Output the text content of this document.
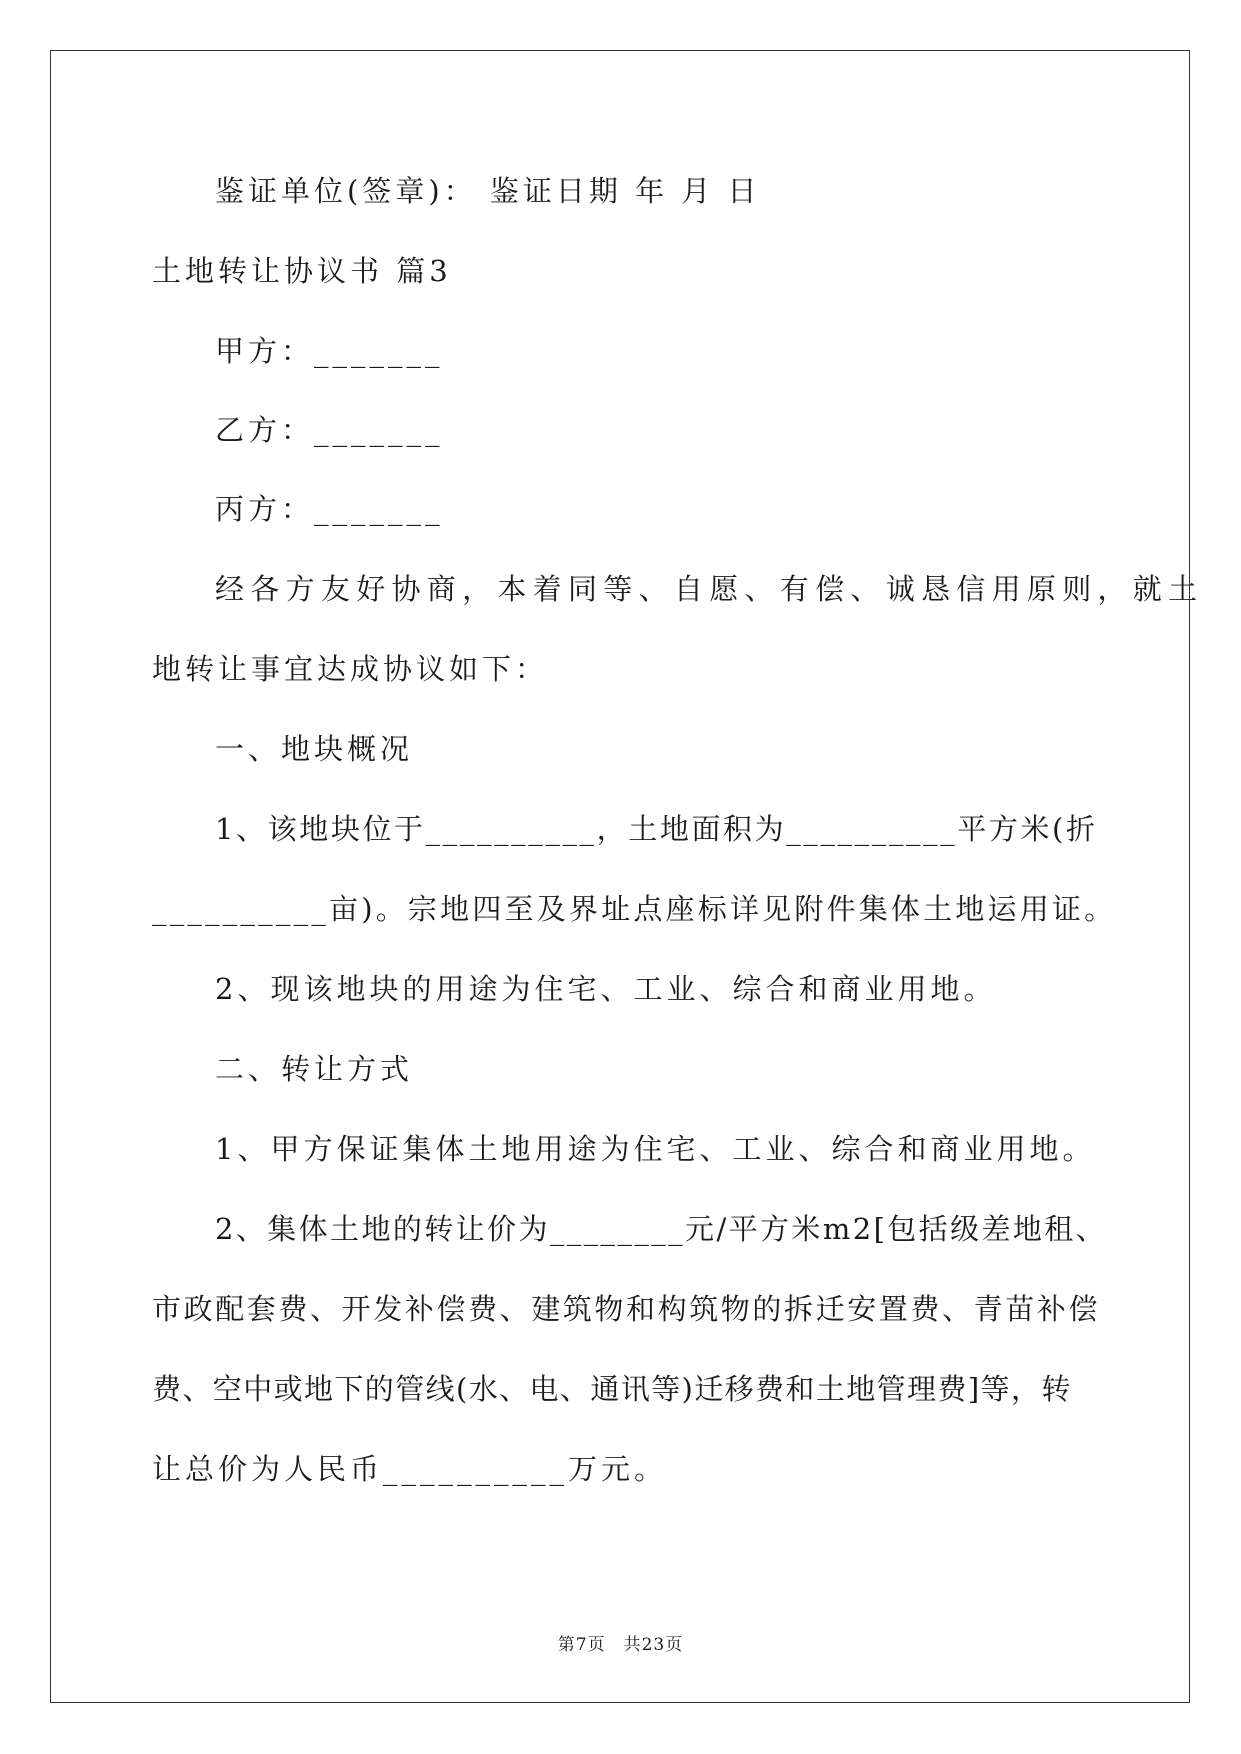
鉴证单位(签章)： 鉴证日期 年 月 日
土地转让协议书 篇3
甲方：_______
乙方：_______
丙方：_______
经各方友好协商，本着同等、自愿、有偿、诚恳信用原则，就土
地转让事宜达成协议如下：
一、地块概况
1、该地块位于__________，土地面积为__________平方米(折
__________亩)。宗地四至及界址点座标详见附件集体土地运用证。
2、现该地块的用途为住宅、工业、综合和商业用地。
二、转让方式
1、甲方保证集体土地用途为住宅、工业、综合和商业用地。
2、集体土地的转让价为________元/平方米m2[包括级差地租、
市政配套费、开发补偿费、建筑物和构筑物的拆迁安置费、青苗补偿
费、空中或地下的管线(水、电、通讯等)迁移费和土地管理费]等，转
让总价为人民币__________万元。
第7页　共23页
